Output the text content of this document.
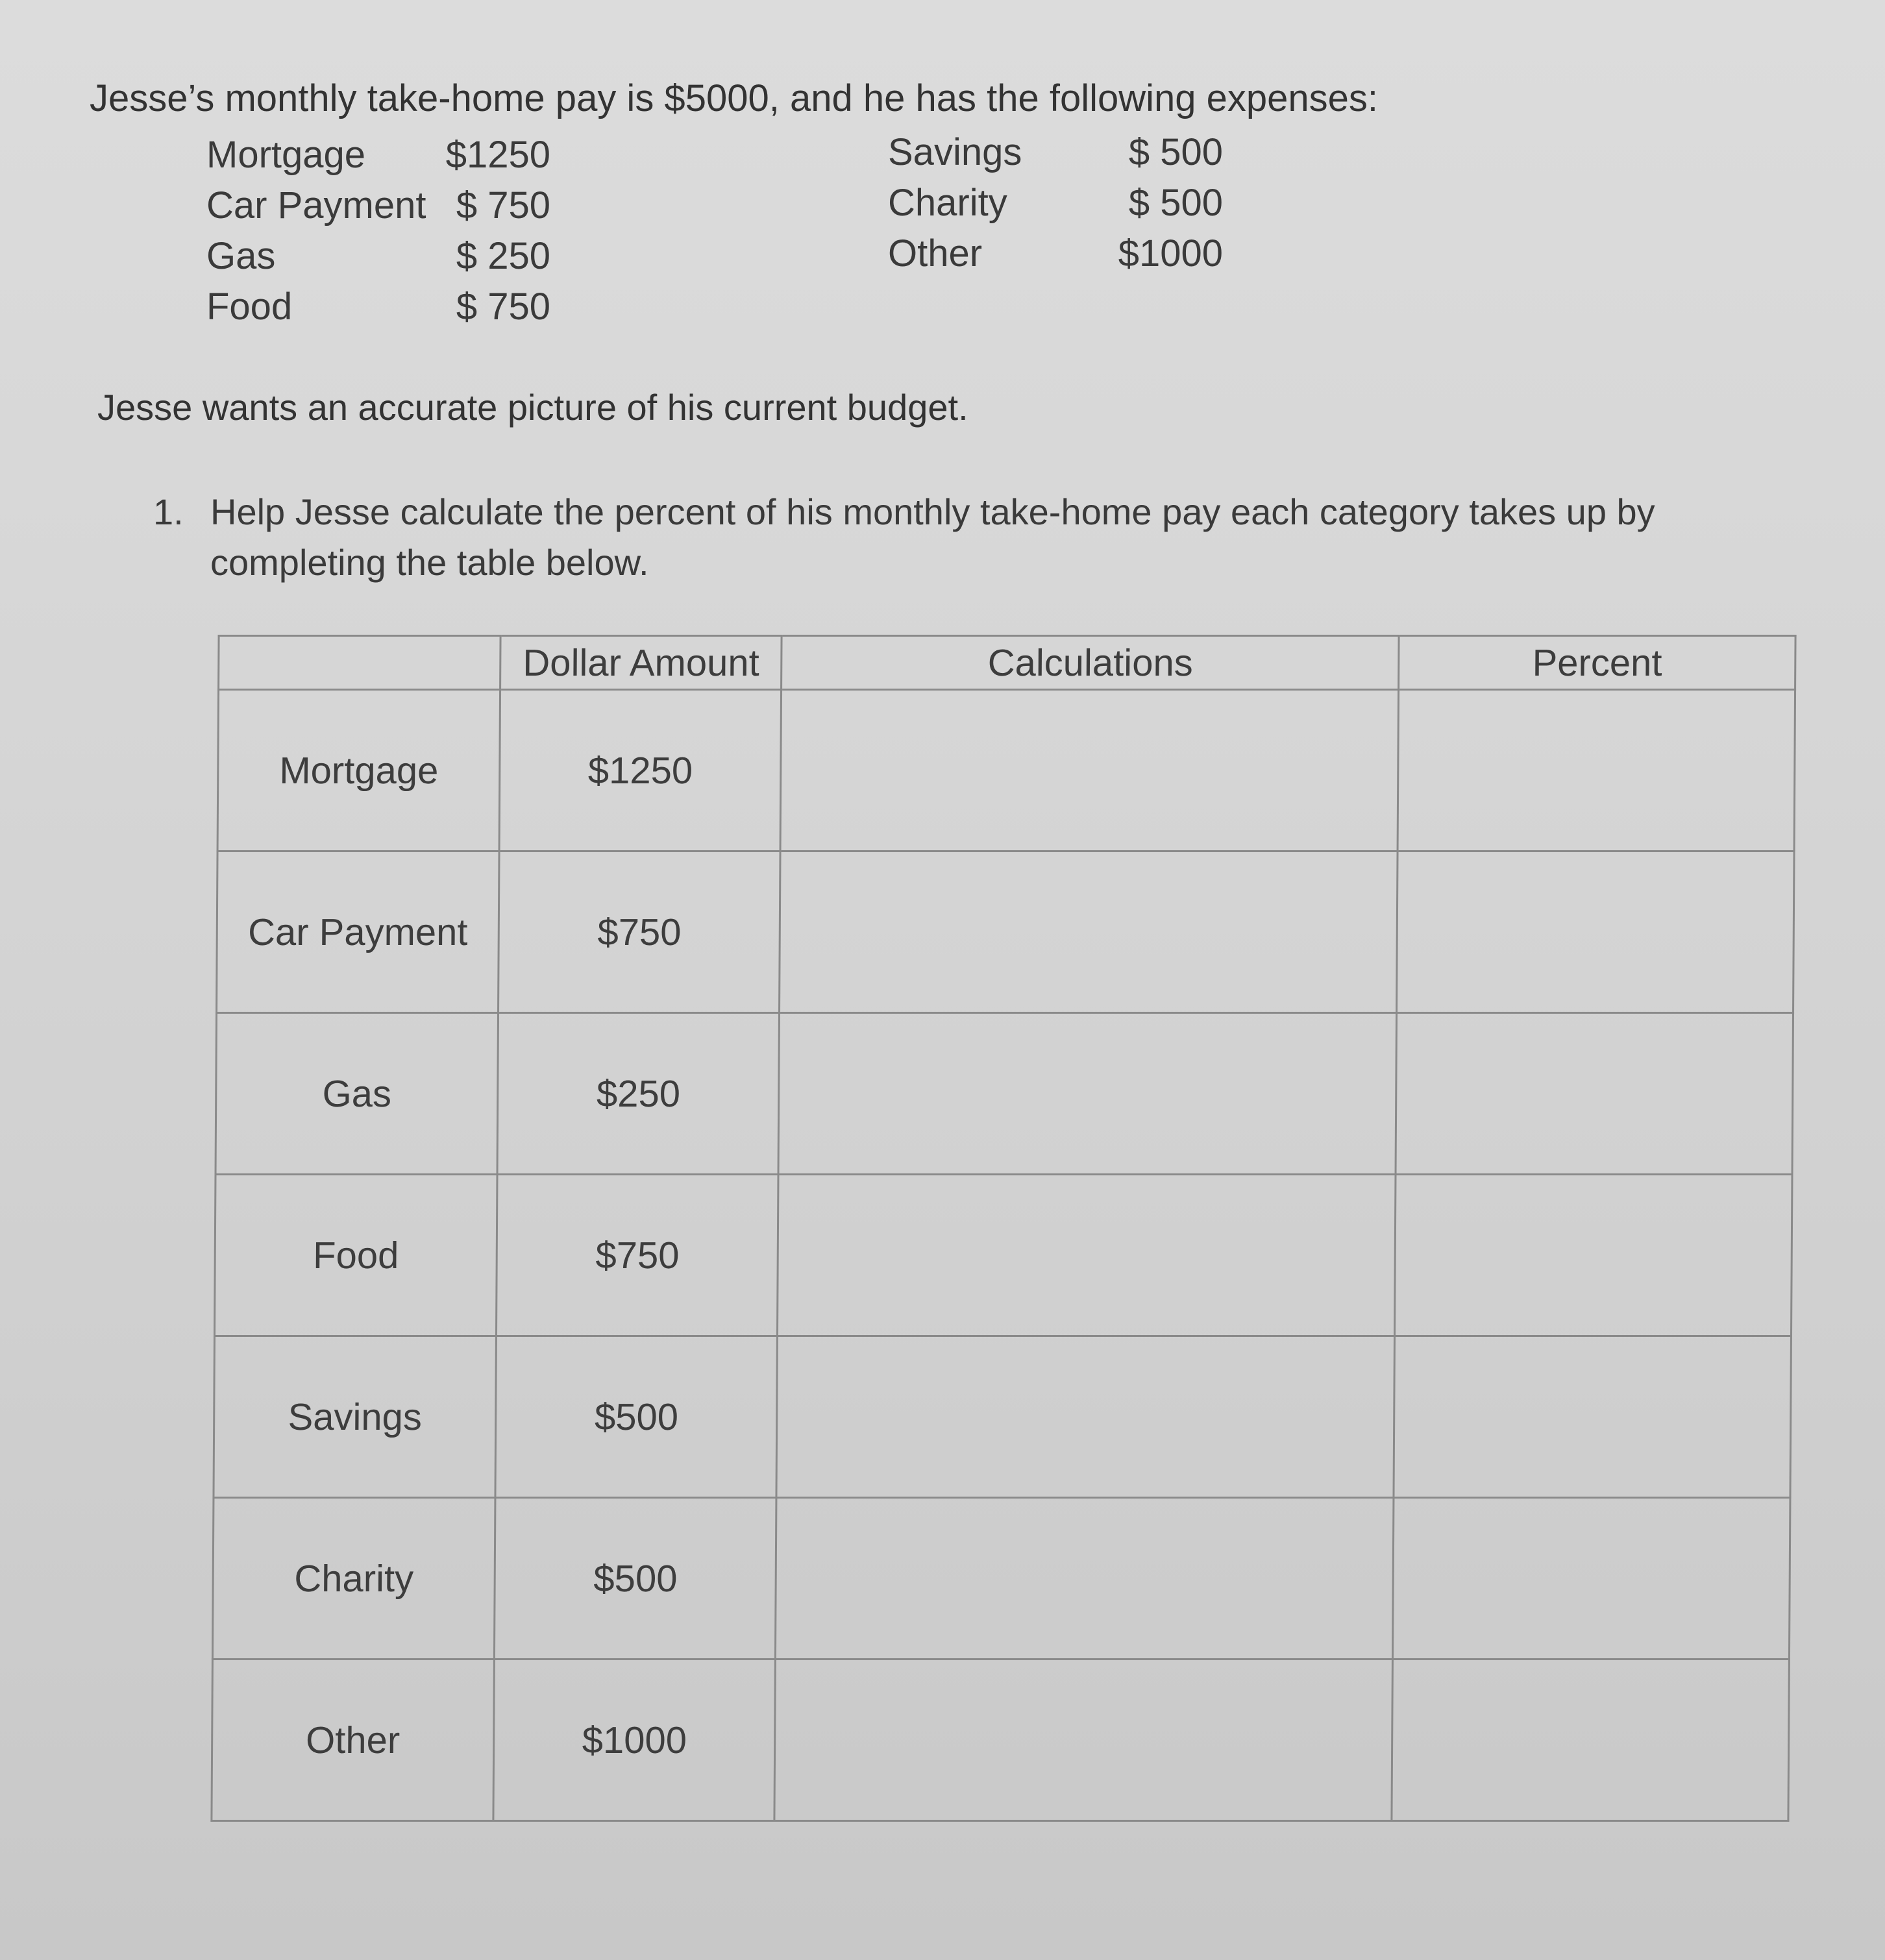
Jesse’s monthly take-home pay is $5000, and he has the following expenses:
Mortgage $1250
Car Payment $ 750
Gas	$ 250
Food	$ 750
Savings	$ 500
Charity	$ 500
Other	$1000
Jesse wants an accurate picture of his current budget.
1. Help Jesse calculate the percent of his monthly take-home pay each category takes up by completing the table below.
	Dollar Amount	Calculations	Percent
Mortgage	$1250		
Car Payment	$750		
Gas	$250		
Food	$750		
Savings	$500		
Charity	$500		
Other	$1000		
